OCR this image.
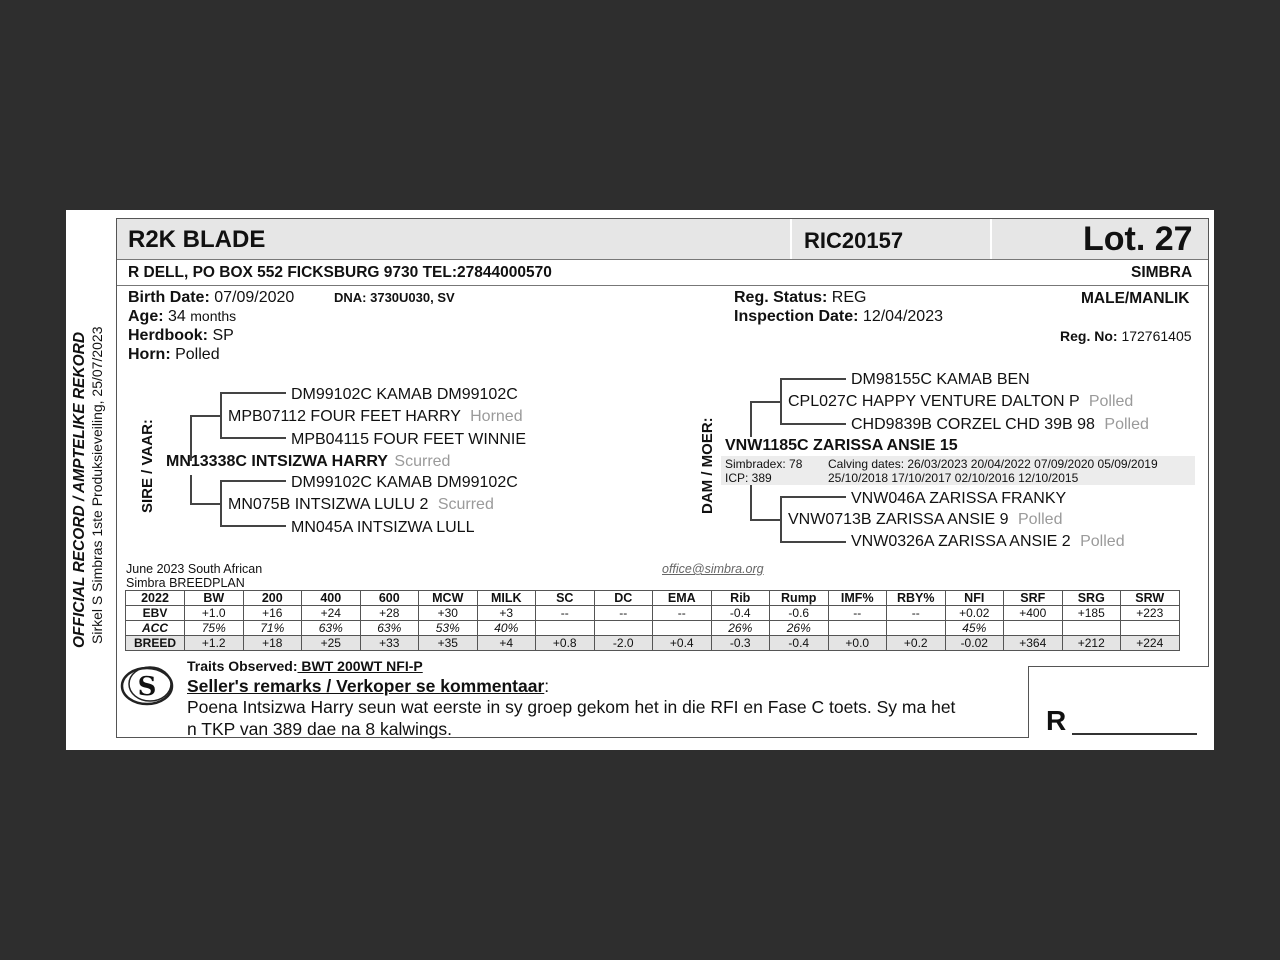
OFFICIAL RECORD / AMPTELIKE REKORD Sirkel S Simbras 1ste Produksieveiling, 25/07/2023
R2K BLADE	RIC20157	Lot. 27
R DELL, PO BOX 552 FICKSBURG 9730 TEL:27844000570	SIMBRA
Birth Date: 07/09/2020	DNA: 3730U030, SV
Age: 34 months
Herdbook: SP
Horn: Polled
Reg. Status: REG	MALE/MANLIK
Inspection Date: 12/04/2023
Reg. No: 172761405
SIRE / VAAR:
DM99102C KAMAB DM99102C
MPB07112 FOUR FEET HARRY Horned
MPB04115 FOUR FEET WINNIE
MN13338C INTSIZWA HARRY Scurred
DM99102C KAMAB DM99102C
MN075B INTSIZWA LULU 2 Scurred
MN045A INTSIZWA LULL
DAM / MOER:
DM98155C KAMAB BEN
CPL027C HAPPY VENTURE DALTON P Polled
CHD9839B CORZEL CHD 39B 98 Polled
VNW1185C ZARISSA ANSIE 15
Simbradex: 78
ICP: 389
Calving dates: 26/03/2023 20/04/2022 07/09/2020 05/09/2019
25/10/2018 17/10/2017 02/10/2016 12/10/2015
VNW046A ZARISSA FRANKY
VNW0713B ZARISSA ANSIE 9 Polled
VNW0326A ZARISSA ANSIE 2 Polled
June 2023 South African
Simbra BREEDPLAN
office@simbra.org
2022	BW	200	400	600	MCW	MILK	SC	DC	EMA	Rib	Rump	IMF%	RBY%	NFI	SRF	SRG	SRW
EBV	+1.0	+16	+24	+28	+30	+3	--	--	--	-0.4	-0.6	--	--	+0.02	+400	+185	+223
ACC	75%	71%	63%	63%	53%	40%				26%	26%			45%			
BREED	+1.2	+18	+25	+33	+35	+4	+0.8	-2.0	+0.4	-0.3	-0.4	+0.0	+0.2	-0.02	+364	+212	+224
S
Traits Observed: BWT 200WT NFI-P
Seller's remarks / Verkoper se kommentaar:
Poena Intsizwa Harry seun wat eerste in sy groep gekom het in die RFI en Fase C toets. Sy ma het
n TKP van 389 dae na 8 kalwings.	R
